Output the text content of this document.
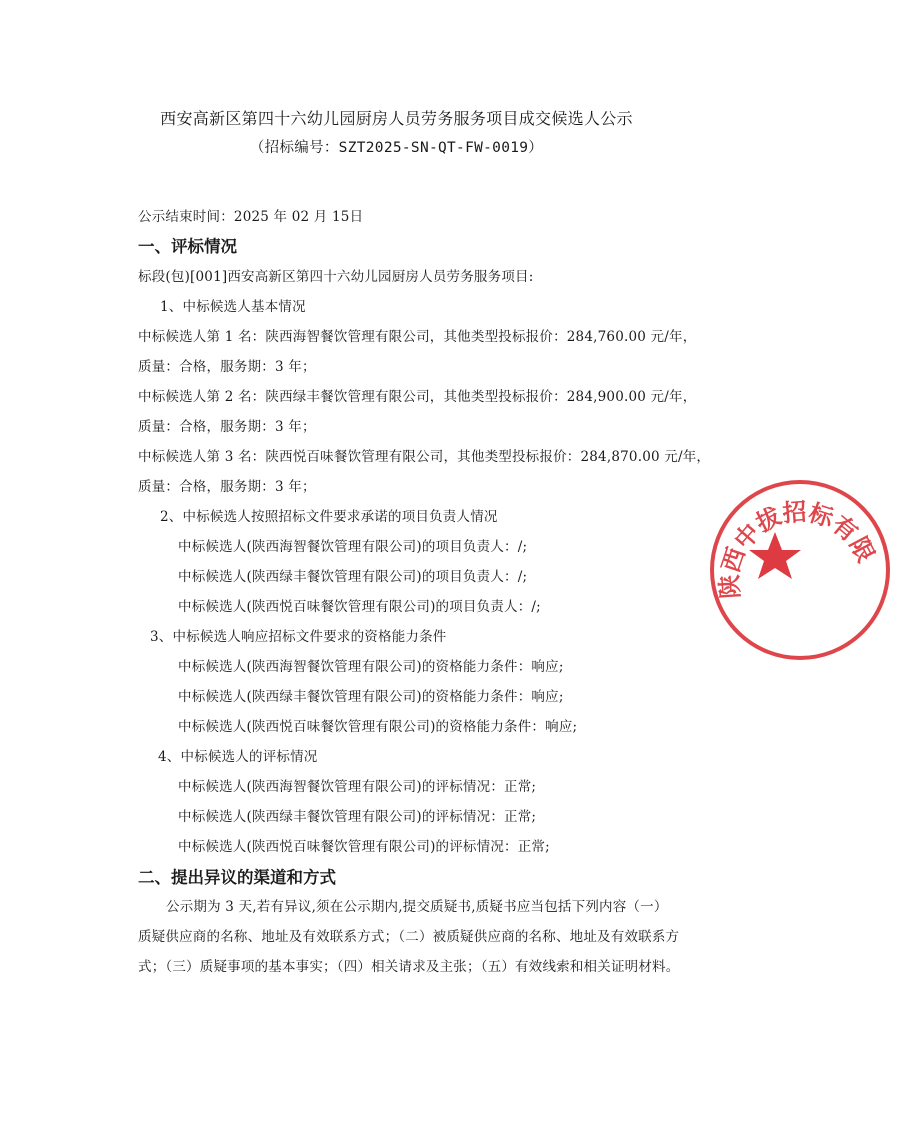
西安高新区第四十六幼儿园厨房人员劳务服务项目成交候选人公示
（招标编号：SZT2025-SN-QT-FW-0019）
公示结束时间：2025 年 02 月 15日
一、评标情况
标段(包)[001]西安高新区第四十六幼儿园厨房人员劳务服务项目:
1、中标候选人基本情况
中标候选人第 1 名：陕西海智餐饮管理有限公司，其他类型投标报价：284,760.00 元/年，
质量：合格，服务期：3 年；
中标候选人第 2 名：陕西绿丰餐饮管理有限公司，其他类型投标报价：284,900.00 元/年，
质量：合格，服务期：3 年；
中标候选人第 3 名：陕西悦百味餐饮管理有限公司，其他类型投标报价：284,870.00 元/年，
质量：合格，服务期：3 年；
2、中标候选人按照招标文件要求承诺的项目负责人情况
中标候选人(陕西海智餐饮管理有限公司)的项目负责人：/;
中标候选人(陕西绿丰餐饮管理有限公司)的项目负责人：/;
中标候选人(陕西悦百味餐饮管理有限公司)的项目负责人：/;
3、中标候选人响应招标文件要求的资格能力条件
中标候选人(陕西海智餐饮管理有限公司)的资格能力条件：响应;
中标候选人(陕西绿丰餐饮管理有限公司)的资格能力条件：响应;
中标候选人(陕西悦百味餐饮管理有限公司)的资格能力条件：响应;
4、中标候选人的评标情况
中标候选人(陕西海智餐饮管理有限公司)的评标情况：正常;
中标候选人(陕西绿丰餐饮管理有限公司)的评标情况：正常;
中标候选人(陕西悦百味餐饮管理有限公司)的评标情况：正常;
二、提出异议的渠道和方式
公示期为 3 天,若有异议,须在公示期内,提交质疑书,质疑书应当包括下列内容（一）
质疑供应商的名称、地址及有效联系方式；（二）被质疑供应商的名称、地址及有效联系方
式；（三）质疑事项的基本事实；（四）相关请求及主张；（五）有效线索和相关证明材料。
陕西中拔招标有限
